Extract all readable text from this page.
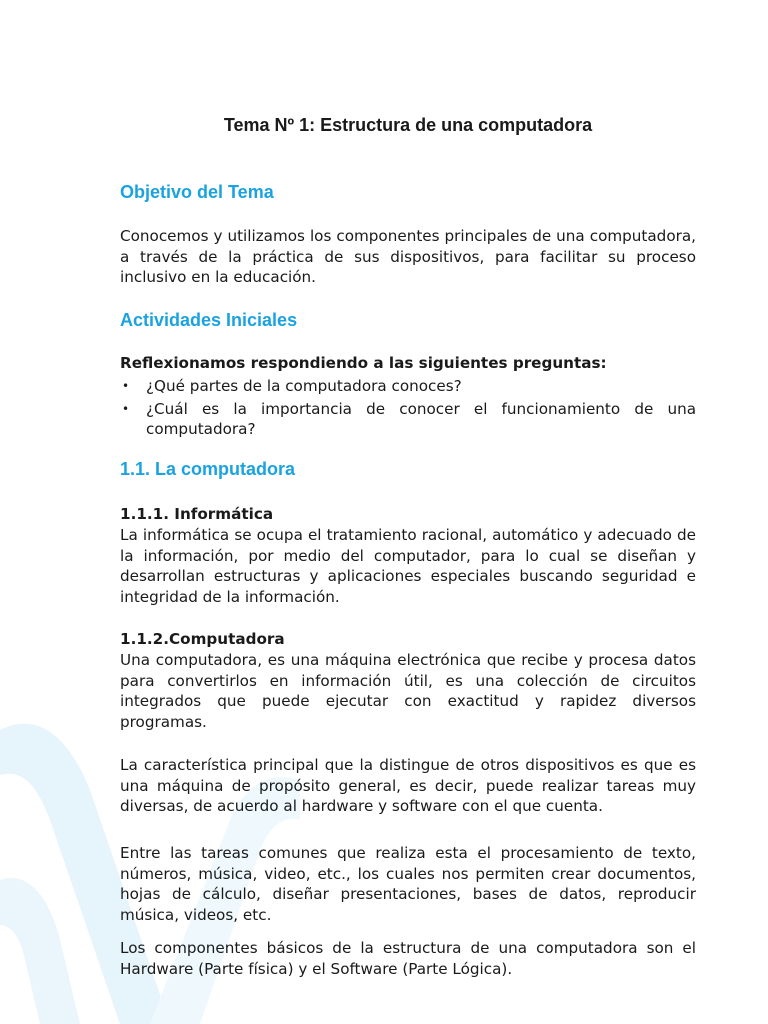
Tema Nº 1: Estructura de una computadora
Objetivo del Tema

Conocemos y utilizamos los componentes principales de una computadora, a través de la práctica de sus dispositivos, para facilitar su proceso inclusivo en la educación.

Actividades Iniciales
Reflexionamos respondiendo a las siguientes preguntas:
• ¿Qué partes de la computadora conoces?
• ¿Cuál es la importancia de conocer el funcionamiento de una computadora?
1.1. La computadora
1.1.1. Informática

La informática se ocupa el tratamiento racional, automático y adecuado de la información, por medio del computador, para lo cual se diseñan y desarrollan estructuras y aplicaciones especiales buscando seguridad e integridad de la información.

1.1.2.Computadora

Una computadora, es una máquina electrónica que recibe y procesa datos para convertirlos en información útil, es una colección de circuitos integrados que puede ejecutar con exactitud y rapidez diversos programas.

La característica principal que la distingue de otros dispositivos es que es una máquina de propósito general, es decir, puede realizar tareas muy diversas, de acuerdo al hardware y software con el que cuenta.

Entre las tareas comunes que realiza esta el procesamiento de texto, números, música, video, etc., los cuales nos permiten crear documentos, hojas de cálculo, diseñar presentaciones, bases de datos, reproducir música, videos, etc.

Los componentes básicos de la estructura de una computadora son el Hardware (Parte física) y el Software (Parte Lógica).
